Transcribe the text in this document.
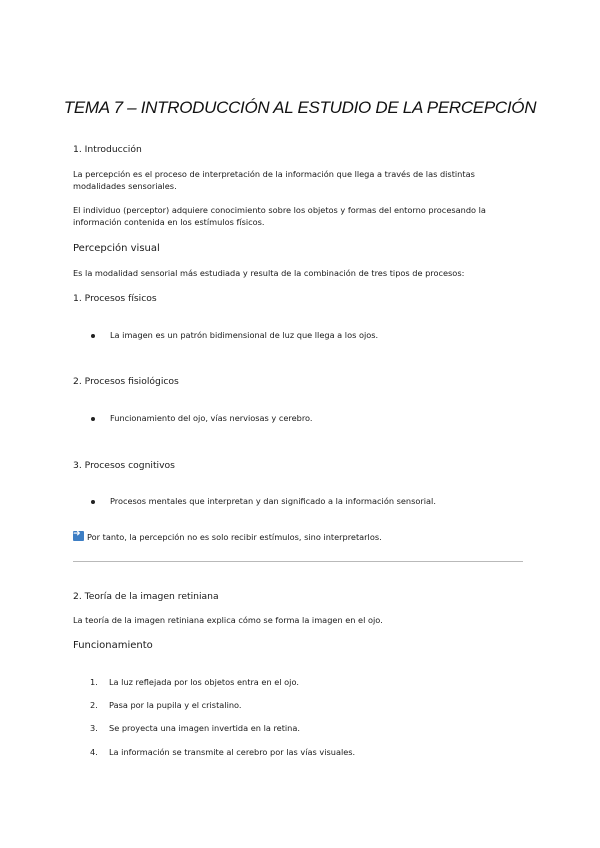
TEMA 7 – INTRODUCCIÓN AL ESTUDIO DE LA PERCEPCIÓN
1. Introducción
La percepción es el proceso de interpretación de la información que llega a través de las distintas modalidades sensoriales.
El individuo (perceptor) adquiere conocimiento sobre los objetos y formas del entorno procesando la información contenida en los estímulos físicos.
Percepción visual
Es la modalidad sensorial más estudiada y resulta de la combinación de tres tipos de procesos:
1. Procesos físicos
La imagen es un patrón bidimensional de luz que llega a los ojos.
2. Procesos fisiológicos
Funcionamiento del ojo, vías nerviosas y cerebro.
3. Procesos cognitivos
Procesos mentales que interpretan y dan significado a la información sensorial.
➜Por tanto, la percepción no es solo recibir estímulos, sino interpretarlos.
2. Teoría de la imagen retiniana
La teoría de la imagen retiniana explica cómo se forma la imagen en el ojo.
Funcionamiento
1. La luz reflejada por los objetos entra en el ojo.
2. Pasa por la pupila y el cristalino.
3. Se proyecta una imagen invertida en la retina.
4. La información se transmite al cerebro por las vías visuales.
